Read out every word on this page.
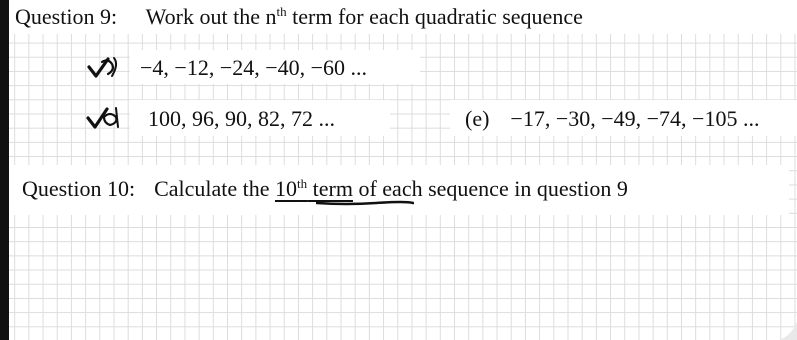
Question 9: Work out the $n^{th}$ term for each quadratic sequence
−4, −12, −24, −40, −60 ...
100, 96, 90, 82, 72 ...	(e) −17, −30, −49, −74, −105 ...
Question 10: Calculate the 10th term of each sequence in question 9
